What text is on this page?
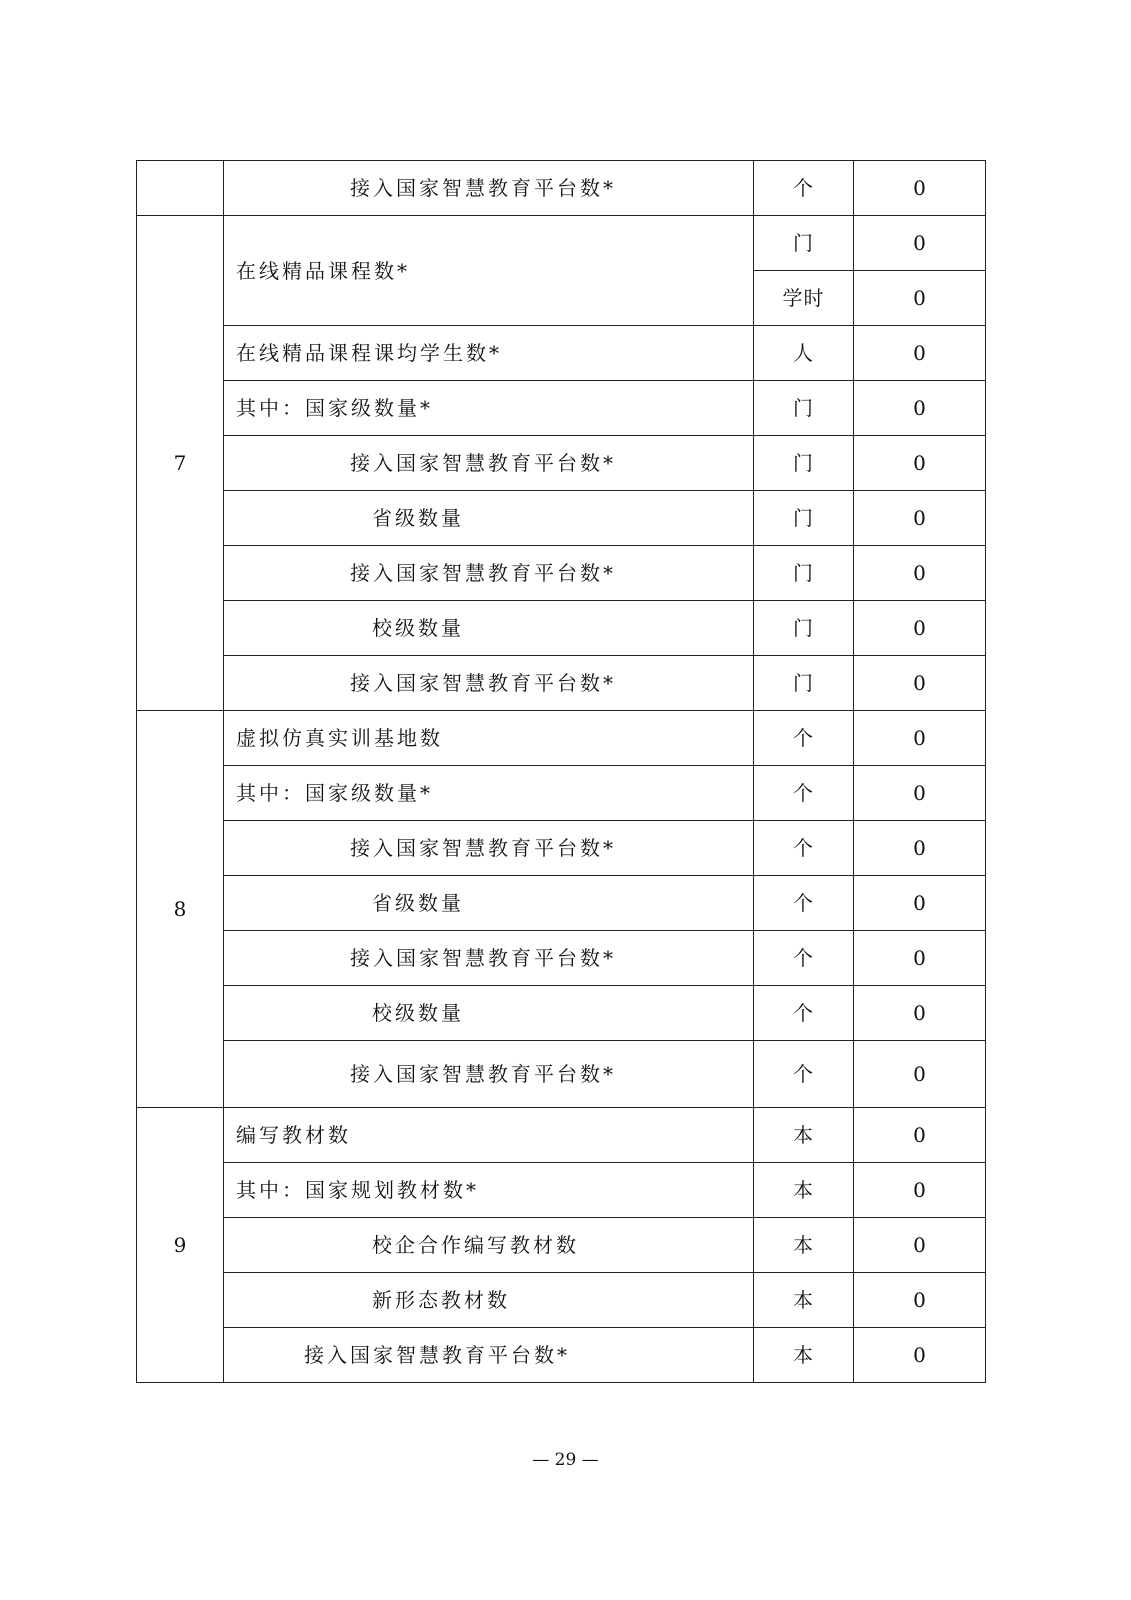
	接入国家智慧教育平台数*	个	0
7	在线精品课程数*	门	0
		学时	0
	在线精品课程课均学生数*	人	0
	其中：国家级数量*	门	0
	接入国家智慧教育平台数*	门	0
	省级数量	门	0
	接入国家智慧教育平台数*	门	0
	校级数量	门	0
	接入国家智慧教育平台数*	门	0
8	虚拟仿真实训基地数	个	0
	其中：国家级数量*	个	0
	接入国家智慧教育平台数*	个	0
	省级数量	个	0
	接入国家智慧教育平台数*	个	0
	校级数量	个	0
	接入国家智慧教育平台数*	个	0
9	编写教材数	本	0
	其中：国家规划教材数*	本	0
	校企合作编写教材数	本	0
	新形态教材数	本	0
	接入国家智慧教育平台数*	本	0
— 29 —
